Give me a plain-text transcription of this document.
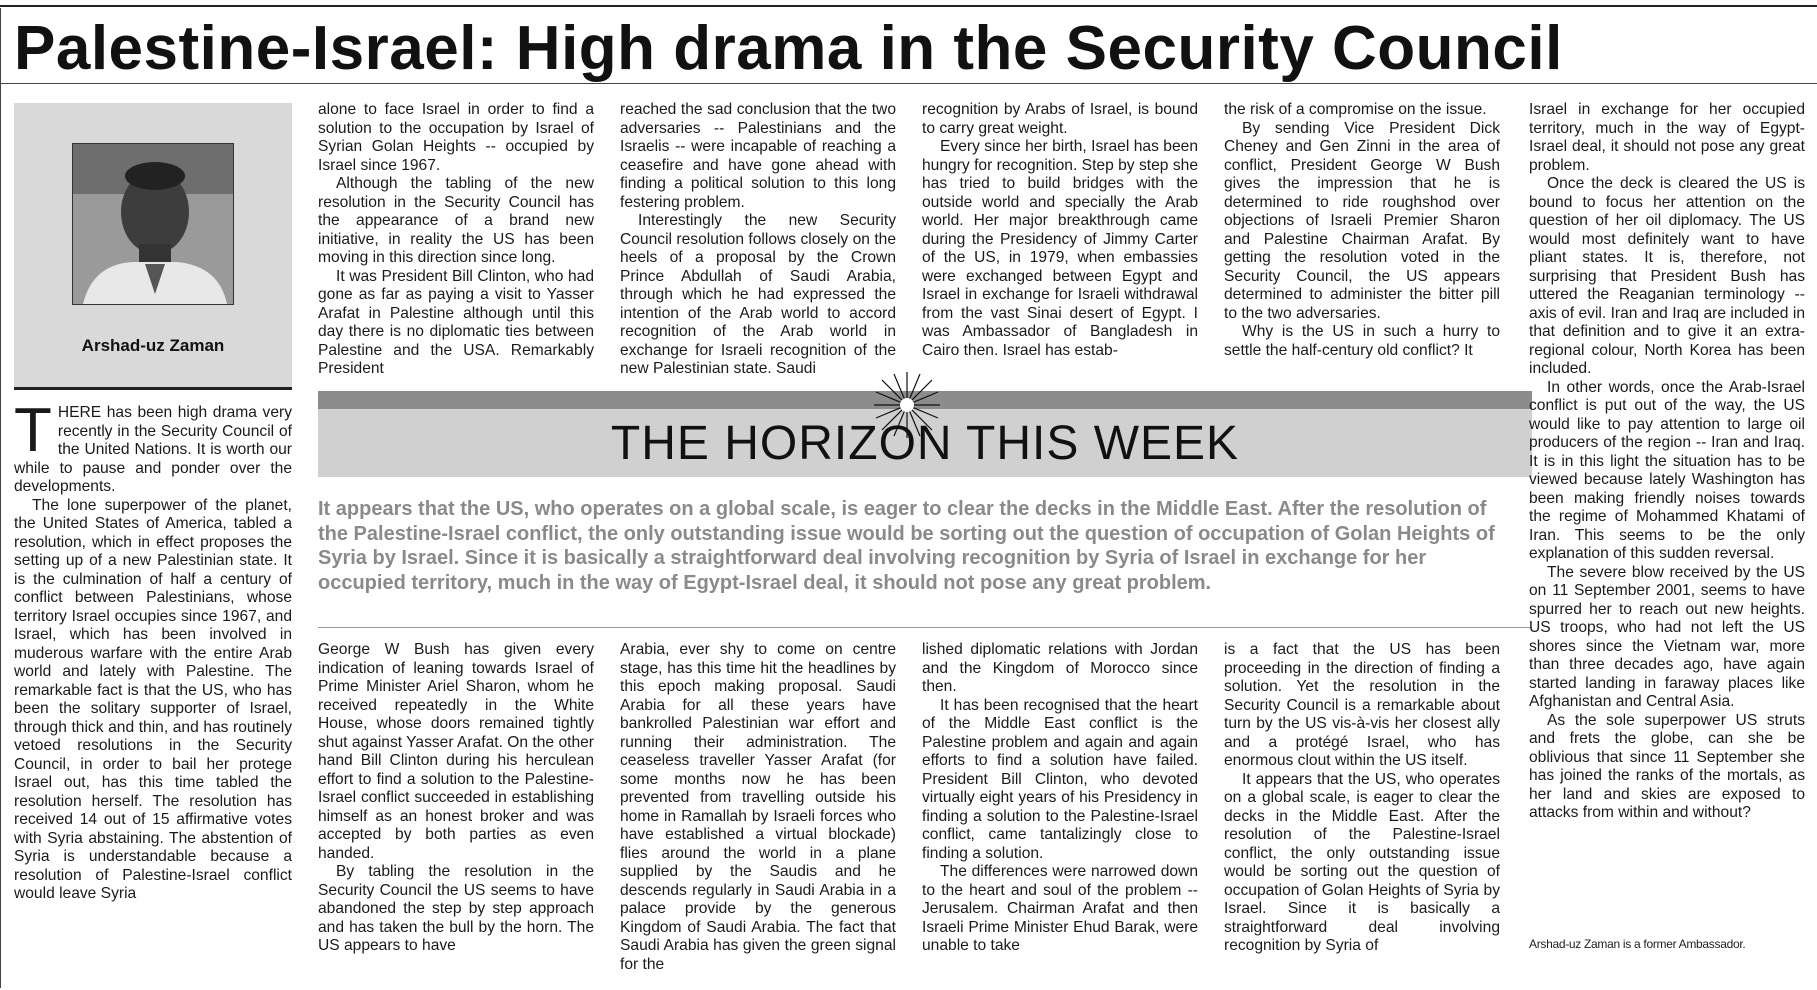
Palestine-Israel: High drama in the Security Council
Arshad-uz Zaman
T HERE has been high drama very recently in the Security Council of the United Nations. It is worth our while to pause and ponder over the developments.

The lone superpower of the planet, the United States of America, tabled a resolution, which in effect proposes the setting up of a new Palestinian state. It is the culmination of half a century of conflict between Palestinians, whose territory Israel occupies since 1967, and Israel, which has been involved in muderous warfare with the entire Arab world and lately with Palestine. The remarkable fact is that the US, who has been the solitary supporter of Israel, through thick and thin, and has routinely vetoed resolutions in the Security Council, in order to bail her protege Israel out, has this time tabled the resolution herself. The resolution has received 14 out of 15 affirmative votes with Syria abstaining. The abstention of Syria is understandable because a resolution of Palestine-Israel conflict would leave Syria

alone to face Israel in order to find a solution to the occupation by Israel of Syrian Golan Heights -- occupied by Israel since 1967.

Although the tabling of the new resolution in the Security Council has the appearance of a brand new initiative, in reality the US has been moving in this direction since long.

It was President Bill Clinton, who had gone as far as paying a visit to Yasser Arafat in Palestine although until this day there is no diplomatic ties between Palestine and the USA. Remarkably President

reached the sad conclusion that the two adversaries -- Palestinians and the Israelis -- were incapable of reaching a ceasefire and have gone ahead with finding a political solution to this long festering problem.

Interestingly the new Security Council resolution follows closely on the heels of a proposal by the Crown Prince Abdullah of Saudi Arabia, through which he had expressed the intention of the Arab world to accord recognition of the Arab world in exchange for Israeli recognition of the new Palestinian state. Saudi

recognition by Arabs of Israel, is bound to carry great weight.

Every since her birth, Israel has been hungry for recognition. Step by step she has tried to build bridges with the outside world and specially the Arab world. Her major breakthrough came during the Presidency of Jimmy Carter of the US, in 1979, when embassies were exchanged between Egypt and Israel in exchange for Israeli withdrawal from the vast Sinai desert of Egypt. I was Ambassador of Bangladesh in Cairo then. Israel has estab-

the risk of a compromise on the issue.

By sending Vice President Dick Cheney and Gen Zinni in the area of conflict, President George W Bush gives the impression that he is determined to ride roughshod over objections of Israeli Premier Sharon and Palestine Chairman Arafat. By getting the resolution voted in the Security Council, the US appears determined to administer the bitter pill to the two adversaries.

Why is the US in such a hurry to settle the half-century old conflict? It

THE HORIZON THIS WEEK

It appears that the US, who operates on a global scale, is eager to clear the decks in the Middle East. After the resolution of the Palestine-Israel conflict, the only outstanding issue would be sorting out the question of occupation of Golan Heights of Syria by Israel. Since it is basically a straightforward deal involving recognition by Syria of Israel in exchange for her occupied territory, much in the way of Egypt-Israel deal, it should not pose any great problem.

George W Bush has given every indication of leaning towards Israel of Prime Minister Ariel Sharon, whom he received repeatedly in the White House, whose doors remained tightly shut against Yasser Arafat. On the other hand Bill Clinton during his herculean effort to find a solution to the Palestine-Israel conflict succeeded in establishing himself as an honest broker and was accepted by both parties as even handed.

By tabling the resolution in the Security Council the US seems to have abandoned the step by step approach and has taken the bull by the horn. The US appears to have

Arabia, ever shy to come on centre stage, has this time hit the headlines by this epoch making proposal. Saudi Arabia for all these years have bankrolled Palestinian war effort and running their administration. The ceaseless traveller Yasser Arafat (for some months now he has been prevented from travelling outside his home in Ramallah by Israeli forces who have established a virtual blockade) flies around the world in a plane supplied by the Saudis and he descends regularly in Saudi Arabia in a palace provide by the generous Kingdom of Saudi Arabia. The fact that Saudi Arabia has given the green signal for the

lished diplomatic relations with Jordan and the Kingdom of Morocco since then.

It has been recognised that the heart of the Middle East conflict is the Palestine problem and again and again efforts to find a solution have failed. President Bill Clinton, who devoted virtually eight years of his Presidency in finding a solution to the Palestine-Israel conflict, came tantalizingly close to finding a solution.

The differences were narrowed down to the heart and soul of the problem -- Jerusalem. Chairman Arafat and then Israeli Prime Minister Ehud Barak, were unable to take

is a fact that the US has been proceeding in the direction of finding a solution. Yet the resolution in the Security Council is a remarkable about turn by the US vis-à-vis her closest ally and a protégé Israel, who has enormous clout within the US itself.

It appears that the US, who operates on a global scale, is eager to clear the decks in the Middle East. After the resolution of the Palestine-Israel conflict, the only outstanding issue would be sorting out the question of occupation of Golan Heights of Syria by Israel. Since it is basically a straightforward deal involving recognition by Syria of

Israel in exchange for her occupied territory, much in the way of Egypt-Israel deal, it should not pose any great problem.

Once the deck is cleared the US is bound to focus her attention on the question of her oil diplomacy. The US would most definitely want to have pliant states. It is, therefore, not surprising that President Bush has uttered the Reaganian terminology -- axis of evil. Iran and Iraq are included in that definition and to give it an extra-regional colour, North Korea has been included.

In other words, once the Arab-Israel conflict is put out of the way, the US would like to pay attention to large oil producers of the region -- Iran and Iraq. It is in this light the situation has to be viewed because lately Washington has been making friendly noises towards the regime of Mohammed Khatami of Iran. This seems to be the only explanation of this sudden reversal.

The severe blow received by the US on 11 September 2001, seems to have spurred her to reach out new heights. US troops, who had not left the US shores since the Vietnam war, more than three decades ago, have again started landing in faraway places like Afghanistan and Central Asia.

As the sole superpower US struts and frets the globe, can she be oblivious that since 11 September she has joined the ranks of the mortals, as her land and skies are exposed to attacks from within and without?

Arshad-uz Zaman is a former Ambassador.
